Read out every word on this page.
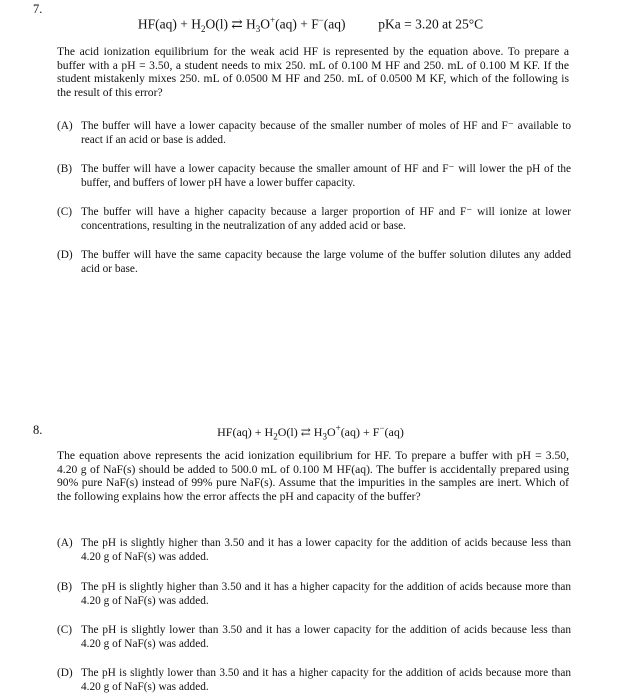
7.
$HF(aq) + H_2O(l)$ ⇄ $H_3O^+(aq) + F^-(aq)$ pKa = 3.20 at 25°C

The acid ionization equilibrium for the weak acid HF is represented by the equation above. To prepare a buffer with a pH = 3.50, a student needs to mix 250. mL of 0.100 M HF and 250. mL of 0.100 M KF. If the student mistakenly mixes 250. mL of 0.0500 M HF and 250. mL of 0.0500 M KF, which of the following is the result of this error?

(A) The buffer will have a lower capacity because of the smaller number of moles of HF and F⁻ available to react if an acid or base is added.
(B) The buffer will have a lower capacity because the smaller amount of HF and F⁻ will lower the pH of the buffer, and buffers of lower pH have a lower buffer capacity.
(C) The buffer will have a higher capacity because a larger proportion of HF and F⁻ will ionize at lower concentrations, resulting in the neutralization of any added acid or base.
(D) The buffer will have the same capacity because the large volume of the buffer solution dilutes any added acid or base.
8.	$HF(aq) + H_2O(l)$ ⇄ $H_3O^+(aq) + F^-(aq)$

The equation above represents the acid ionization equilibrium for HF. To prepare a buffer with pH = 3.50, 4.20 g of NaF(s) should be added to 500.0 mL of 0.100 M HF(aq). The buffer is accidentally prepared using 90% pure NaF(s) instead of 99% pure NaF(s). Assume that the impurities in the samples are inert. Which of the following explains how the error affects the pH and capacity of the buffer?

(A) The pH is slightly higher than 3.50 and it has a lower capacity for the addition of acids because less than 4.20 g of NaF(s) was added.
(B) The pH is slightly higher than 3.50 and it has a higher capacity for the addition of acids because more than 4.20 g of NaF(s) was added.
(C) The pH is slightly lower than 3.50 and it has a lower capacity for the addition of acids because less than 4.20 g of NaF(s) was added.
(D) The pH is slightly lower than 3.50 and it has a higher capacity for the addition of acids because more than 4.20 g of NaF(s) was added.
